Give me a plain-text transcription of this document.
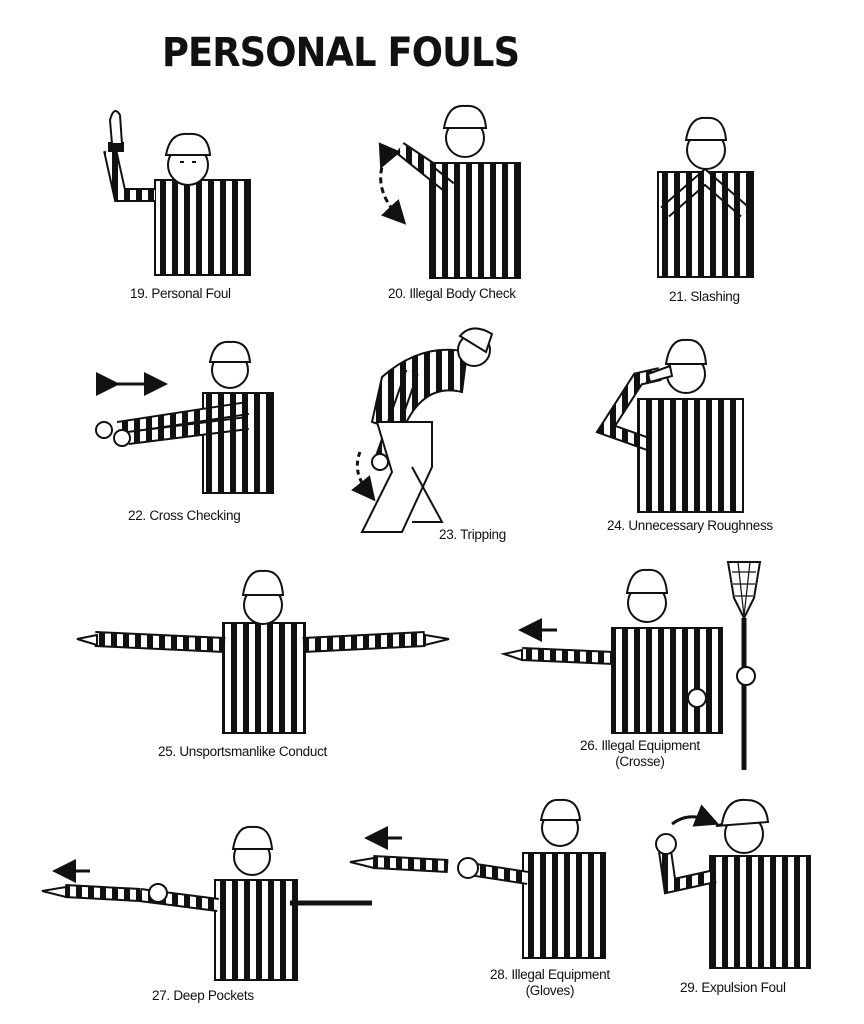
PERSONAL FOULS
19. Personal Foul	20. Illegal Body Check	21. Slashing
22. Cross Checking
23. Tripping
24. Unnecessary Roughness
25. Unsportsmanlike Conduct	26. Illegal Equipment
(Crosse)
27. Deep Pockets
28. Illegal Equipment
(Gloves)	29. Expulsion Foul
